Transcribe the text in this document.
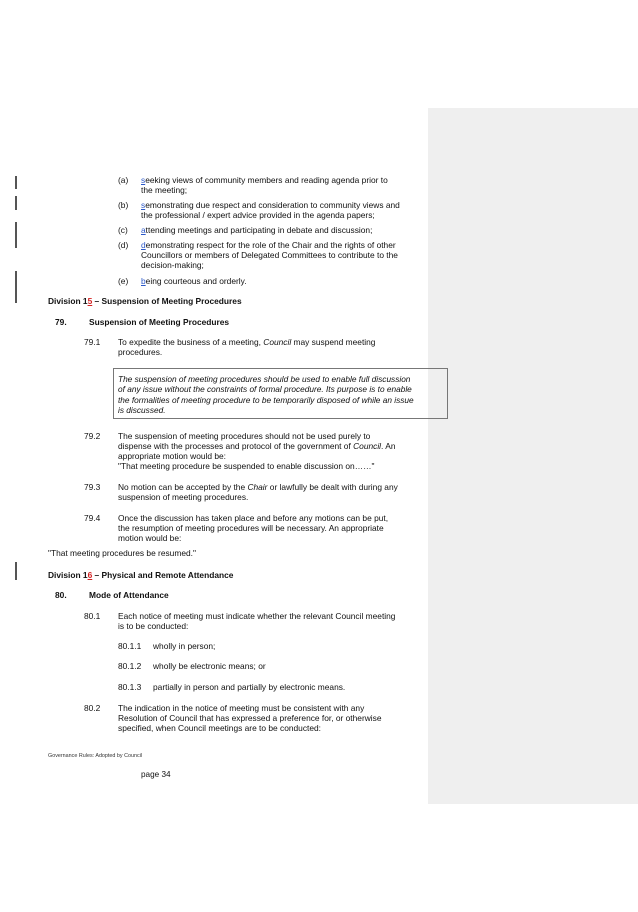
(a) seeking views of community members and reading agenda prior to
the meeting;
(b) semonstrating due respect and consideration to community views and
the professional / expert advice provided in the agenda papers;
(c) attending meetings and participating in debate and discussion;
(d) demonstrating respect for the role of the Chair and the rights of other
Councillors or members of Delegated Committees to contribute to the
decision-making;
(e) being courteous and orderly.
Division 15 – Suspension of Meeting Procedures
79.	Suspension of Meeting Procedures
79.1 To expedite the business of a meeting, Council may suspend meeting
procedures.
The suspension of meeting procedures should be used to enable full discussion
of any issue without the constraints of formal procedure. Its purpose is to enable
the formalities of meeting procedure to be temporarily disposed of while an issue
is discussed.
79.2 The suspension of meeting procedures should not be used purely to
dispense with the processes and protocol of the government of Council. An
appropriate motion would be:
"That meeting procedure be suspended to enable discussion on……"
79.3 No motion can be accepted by the Chair or lawfully be dealt with during any
suspension of meeting procedures.
79.4 Once the discussion has taken place and before any motions can be put,
the resumption of meeting procedures will be necessary. An appropriate
motion would be:
"That meeting procedures be resumed."
Division 16 – Physical and Remote Attendance
80.	Mode of Attendance
80.1 Each notice of meeting must indicate whether the relevant Council meeting
is to be conducted:
80.1.1 wholly in person;
80.1.2 wholly be electronic means; or
80.1.3 partially in person and partially by electronic means.
80.2 The indication in the notice of meeting must be consistent with any
Resolution of Council that has expressed a preference for, or otherwise
specified, when Council meetings are to be conducted:
Governance Rules: Adopted by Council
page 34
